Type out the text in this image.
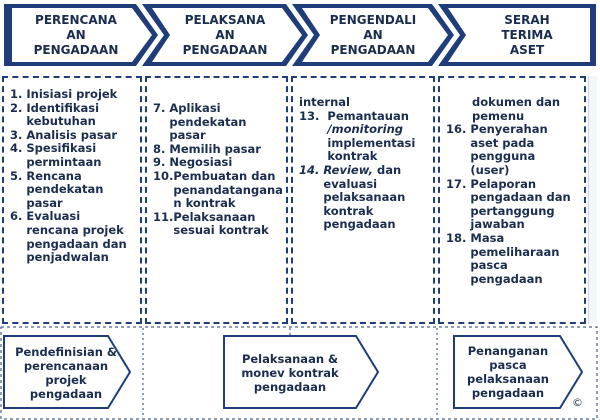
PERENCANA
AN
PENGADAAN
PELAKSANA
AN
PENGADAAN
PENGENDALI
AN
PENGADAAN
SERAH
TERIMA
ASET
1.
Inisiasi projek
2.
Identifikasi kebutuhan
3.
Analisis pasar
4.
Spesifikasi permintaan
5.
Rencana pendekatan pasar
6.
Evaluasi rencana projek pengadaan dan penjadwalan
7.
Aplikasi pendekatan pasar
8.
Memilih pasar
9.
Negosiasi
10. Pembuatan dan penandatangana n kontrak
11. Pelaksanaan sesuai kontrak
internal
13.
Pemantauan
/monitoring implementasi kontrak
14.
Review, dan evaluasi pelaksanaan kontrak pengadaan
dokumen dan pemenu
16.
Penyerahan aset pada pengguna (user)
17.
Pelaporan pengadaan dan pertanggung jawaban
18.
Masa pemeliharaan pasca pengadaan
Pendefinisian &
perencanaan
projek
pengadaan
Pelaksanaan &
monev kontrak
pengadaan
Penanganan
pasca
pelaksanaan
pengadaan
©
